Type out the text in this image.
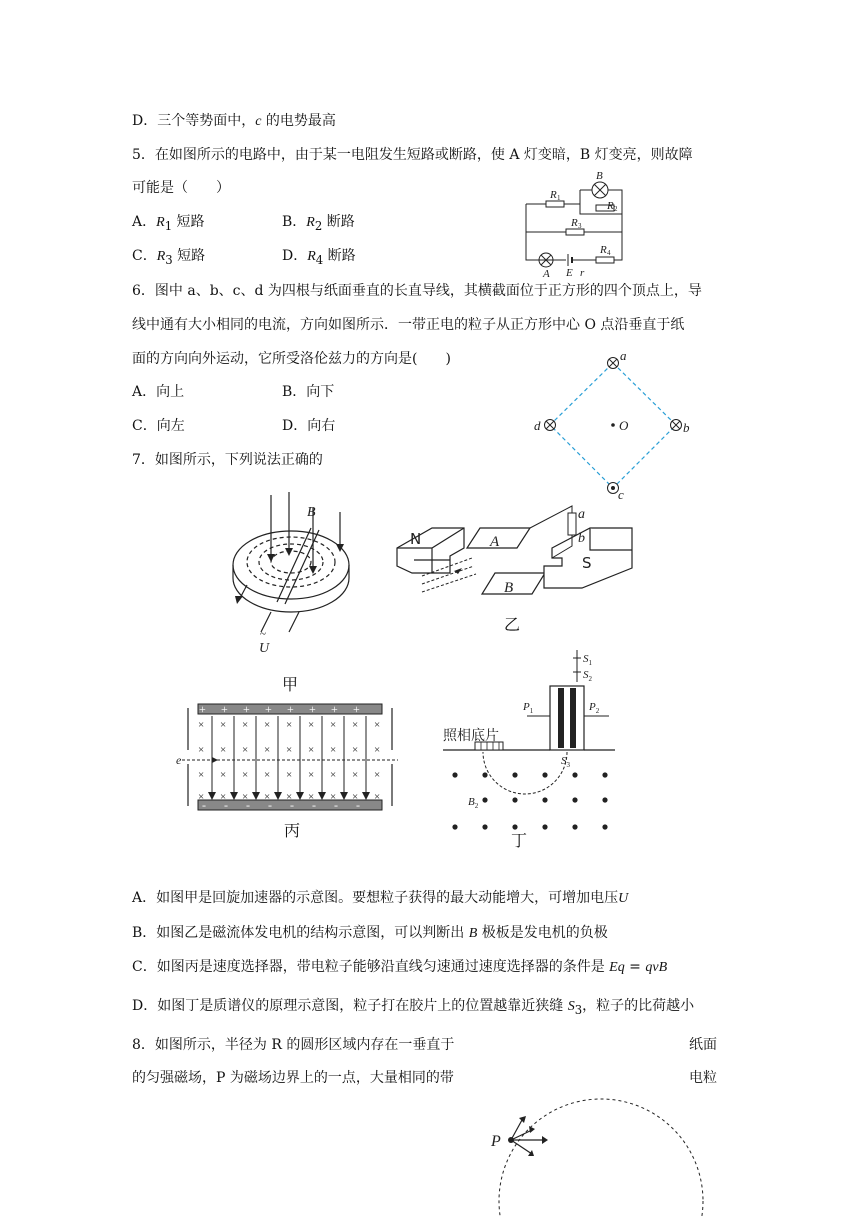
D．三个等势面中，c 的电势最高
5．在如图所示的电路中，由于某一电阻发生短路或断路，使 A 灯变暗，B 灯变亮，则故障
可能是（　　）
A．$R_1$ 短路	B．$R_2$ 断路
C．$R_3$ 短路	D．$R_4$ 断路
R 1
B
R 2
R 3
R 4
A E r
6．图中 a、b、c、d 为四根与纸面垂直的长直导线，其横截面位于正方形的四个顶点上，导
线中通有大小相同的电流，方向如图所示．一带正电的粒子从正方形中心 O 点沿垂直于纸
面的方向向外运动，它所受洛伦兹力的方向是(　　)
A．向上	B．向下
C．向左	D．向右
a
b
d
c
O
7．如图所示，下列说法正确的
B
U
~
甲
N	A
B
S
a
b
乙
+ + + + + + + +
- - - - - - - -
× × × × × × × × ×
× × × × × × × × ×
× × × × × × × × ×
× × × × × × × × ×
e
丙
照相底片
$S_1$
$S_2$
$S_3$
$P_1$	$P_2$
$B_2$
丁
A．如图甲是回旋加速器的示意图。要想粒子获得的最大动能增大，可增加电压U
B．如图乙是磁流体发电机的结构示意图，可以判断出 B 极板是发电机的负极
C．如图丙是速度选择器，带电粒子能够沿直线匀速通过速度选择器的条件是 Eq = qvB
D．如图丁是质谱仪的原理示意图，粒子打在胶片上的位置越靠近狭缝 $S_3$，粒子的比荷越小
8．如图所示，半径为 R 的圆形区域内存在一垂直于	纸面
的匀强磁场，P 为磁场边界上的一点，大量相同的带	电粒
P
